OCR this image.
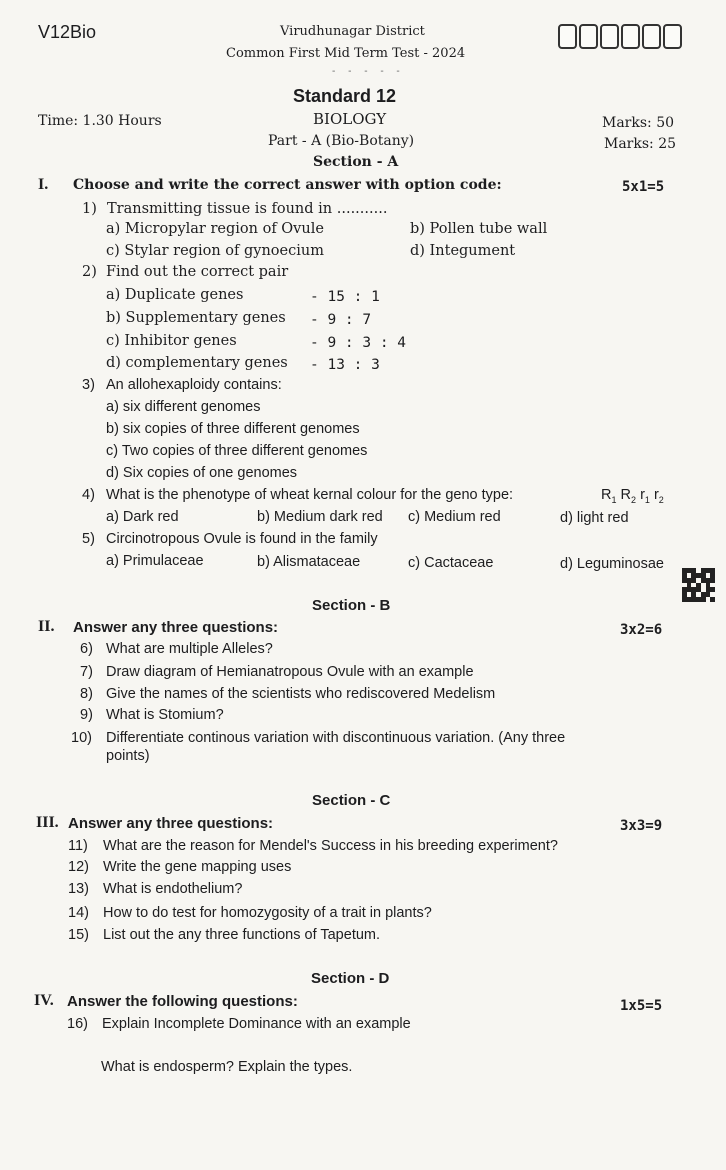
V12Bio	Virudhunagar District
Common First Mid Term Test - 2024
- - - - -
Standard 12
Time: 1.30 Hours	BIOLOGY	Marks: 50
Part - A (Bio-Botany)	Marks: 25
Section - A
I. Choose and write the correct answer with option code:	5x1=5
1) Transmitting tissue is found in ...........
a) Micropylar region of Ovule	b) Pollen tube wall
c) Stylar region of gynoecium	d) Integument
2) Find out the correct pair
a) Duplicate genes	- 15 : 1
b) Supplementary genes - 9 : 7
c) Inhibitor genes	- 9 : 3 : 4
d) complementary genes - 13 : 3
3) An allohexaploidy contains:
a) six different genomes
b) six copies of three different genomes
c) Two copies of three different genomes
d) Six copies of one genomes
4) What is the phenotype of wheat kernal colour for the geno type:	$R_1$ $R_2$ $r_1$ $r_2$
a) Dark red	b) Medium dark red c) Medium red	d) light red
5) Circinotropous Ovule is found in the family
a) Primulaceae	b) Alismataceae	c) Cactaceae	d) Leguminosae
Section - B
II. Answer any three questions:	3x2=6
6) What are multiple Alleles?
7) Draw diagram of Hemianatropous Ovule with an example
8) Give the names of the scientists who rediscovered Medelism
9) What is Stomium?
10) Differentiate continous variation with discontinuous variation. (Any three
points)
Section - C
III. Answer any three questions:	3x3=9
11) What are the reason for Mendel's Success in his breeding experiment?
12) Write the gene mapping uses
13) What is endothelium?
14) How to do test for homozygosity of a trait in plants?
15) List out the any three functions of Tapetum.
Section - D
IV. Answer the following questions:	1x5=5
16) Explain Incomplete Dominance with an example
What is endosperm? Explain the types.
